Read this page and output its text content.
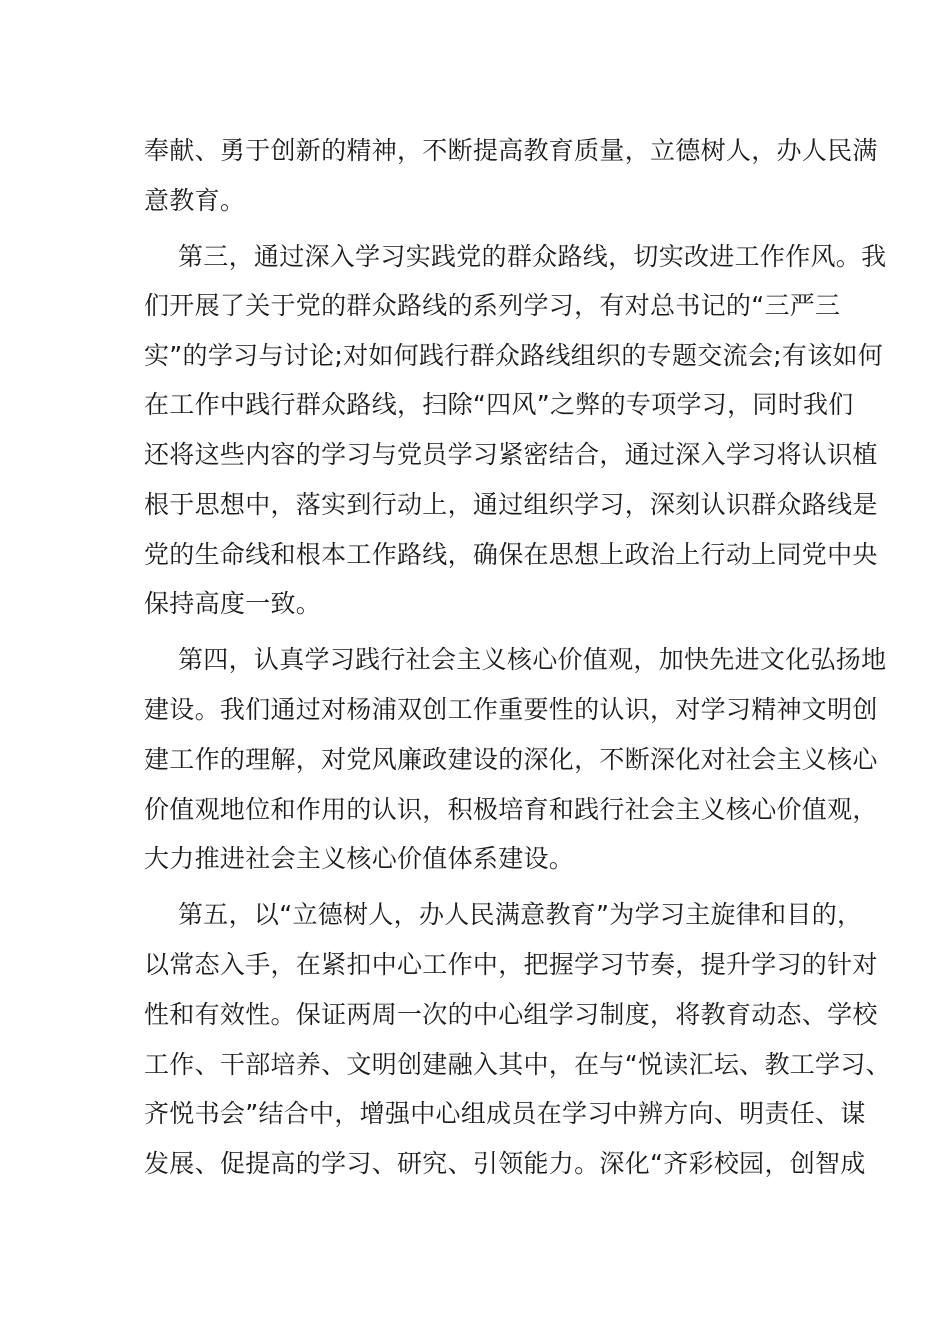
奉献、勇于创新的精神，不断提高教育质量，立德树人，办人民满
意教育。
第三，通过深入学习实践党的群众路线，切实改进工作作风。我
们开展了关于党的群众路线的系列学习，有对总书记的“三严三
实”的学习与讨论;对如何践行群众路线组织的专题交流会;有该如何
在工作中践行群众路线，扫除“四风”之弊的专项学习，同时我们
还将这些内容的学习与党员学习紧密结合，通过深入学习将认识植
根于思想中，落实到行动上，通过组织学习，深刻认识群众路线是
党的生命线和根本工作路线，确保在思想上政治上行动上同党中央
保持高度一致。
第四，认真学习践行社会主义核心价值观，加快先进文化弘扬地
建设。我们通过对杨浦双创工作重要性的认识，对学习精神文明创
建工作的理解，对党风廉政建设的深化，不断深化对社会主义核心
价值观地位和作用的认识，积极培育和践行社会主义核心价值观，
大力推进社会主义核心价值体系建设。
第五，以“立德树人，办人民满意教育”为学习主旋律和目的，
以常态入手，在紧扣中心工作中，把握学习节奏，提升学习的针对
性和有效性。保证两周一次的中心组学习制度，将教育动态、学校
工作、干部培养、文明创建融入其中，在与“悦读汇坛、教工学习、
齐悦书会”结合中，增强中心组成员在学习中辨方向、明责任、谋
发展、促提高的学习、研究、引领能力。深化“齐彩校园，创智成
